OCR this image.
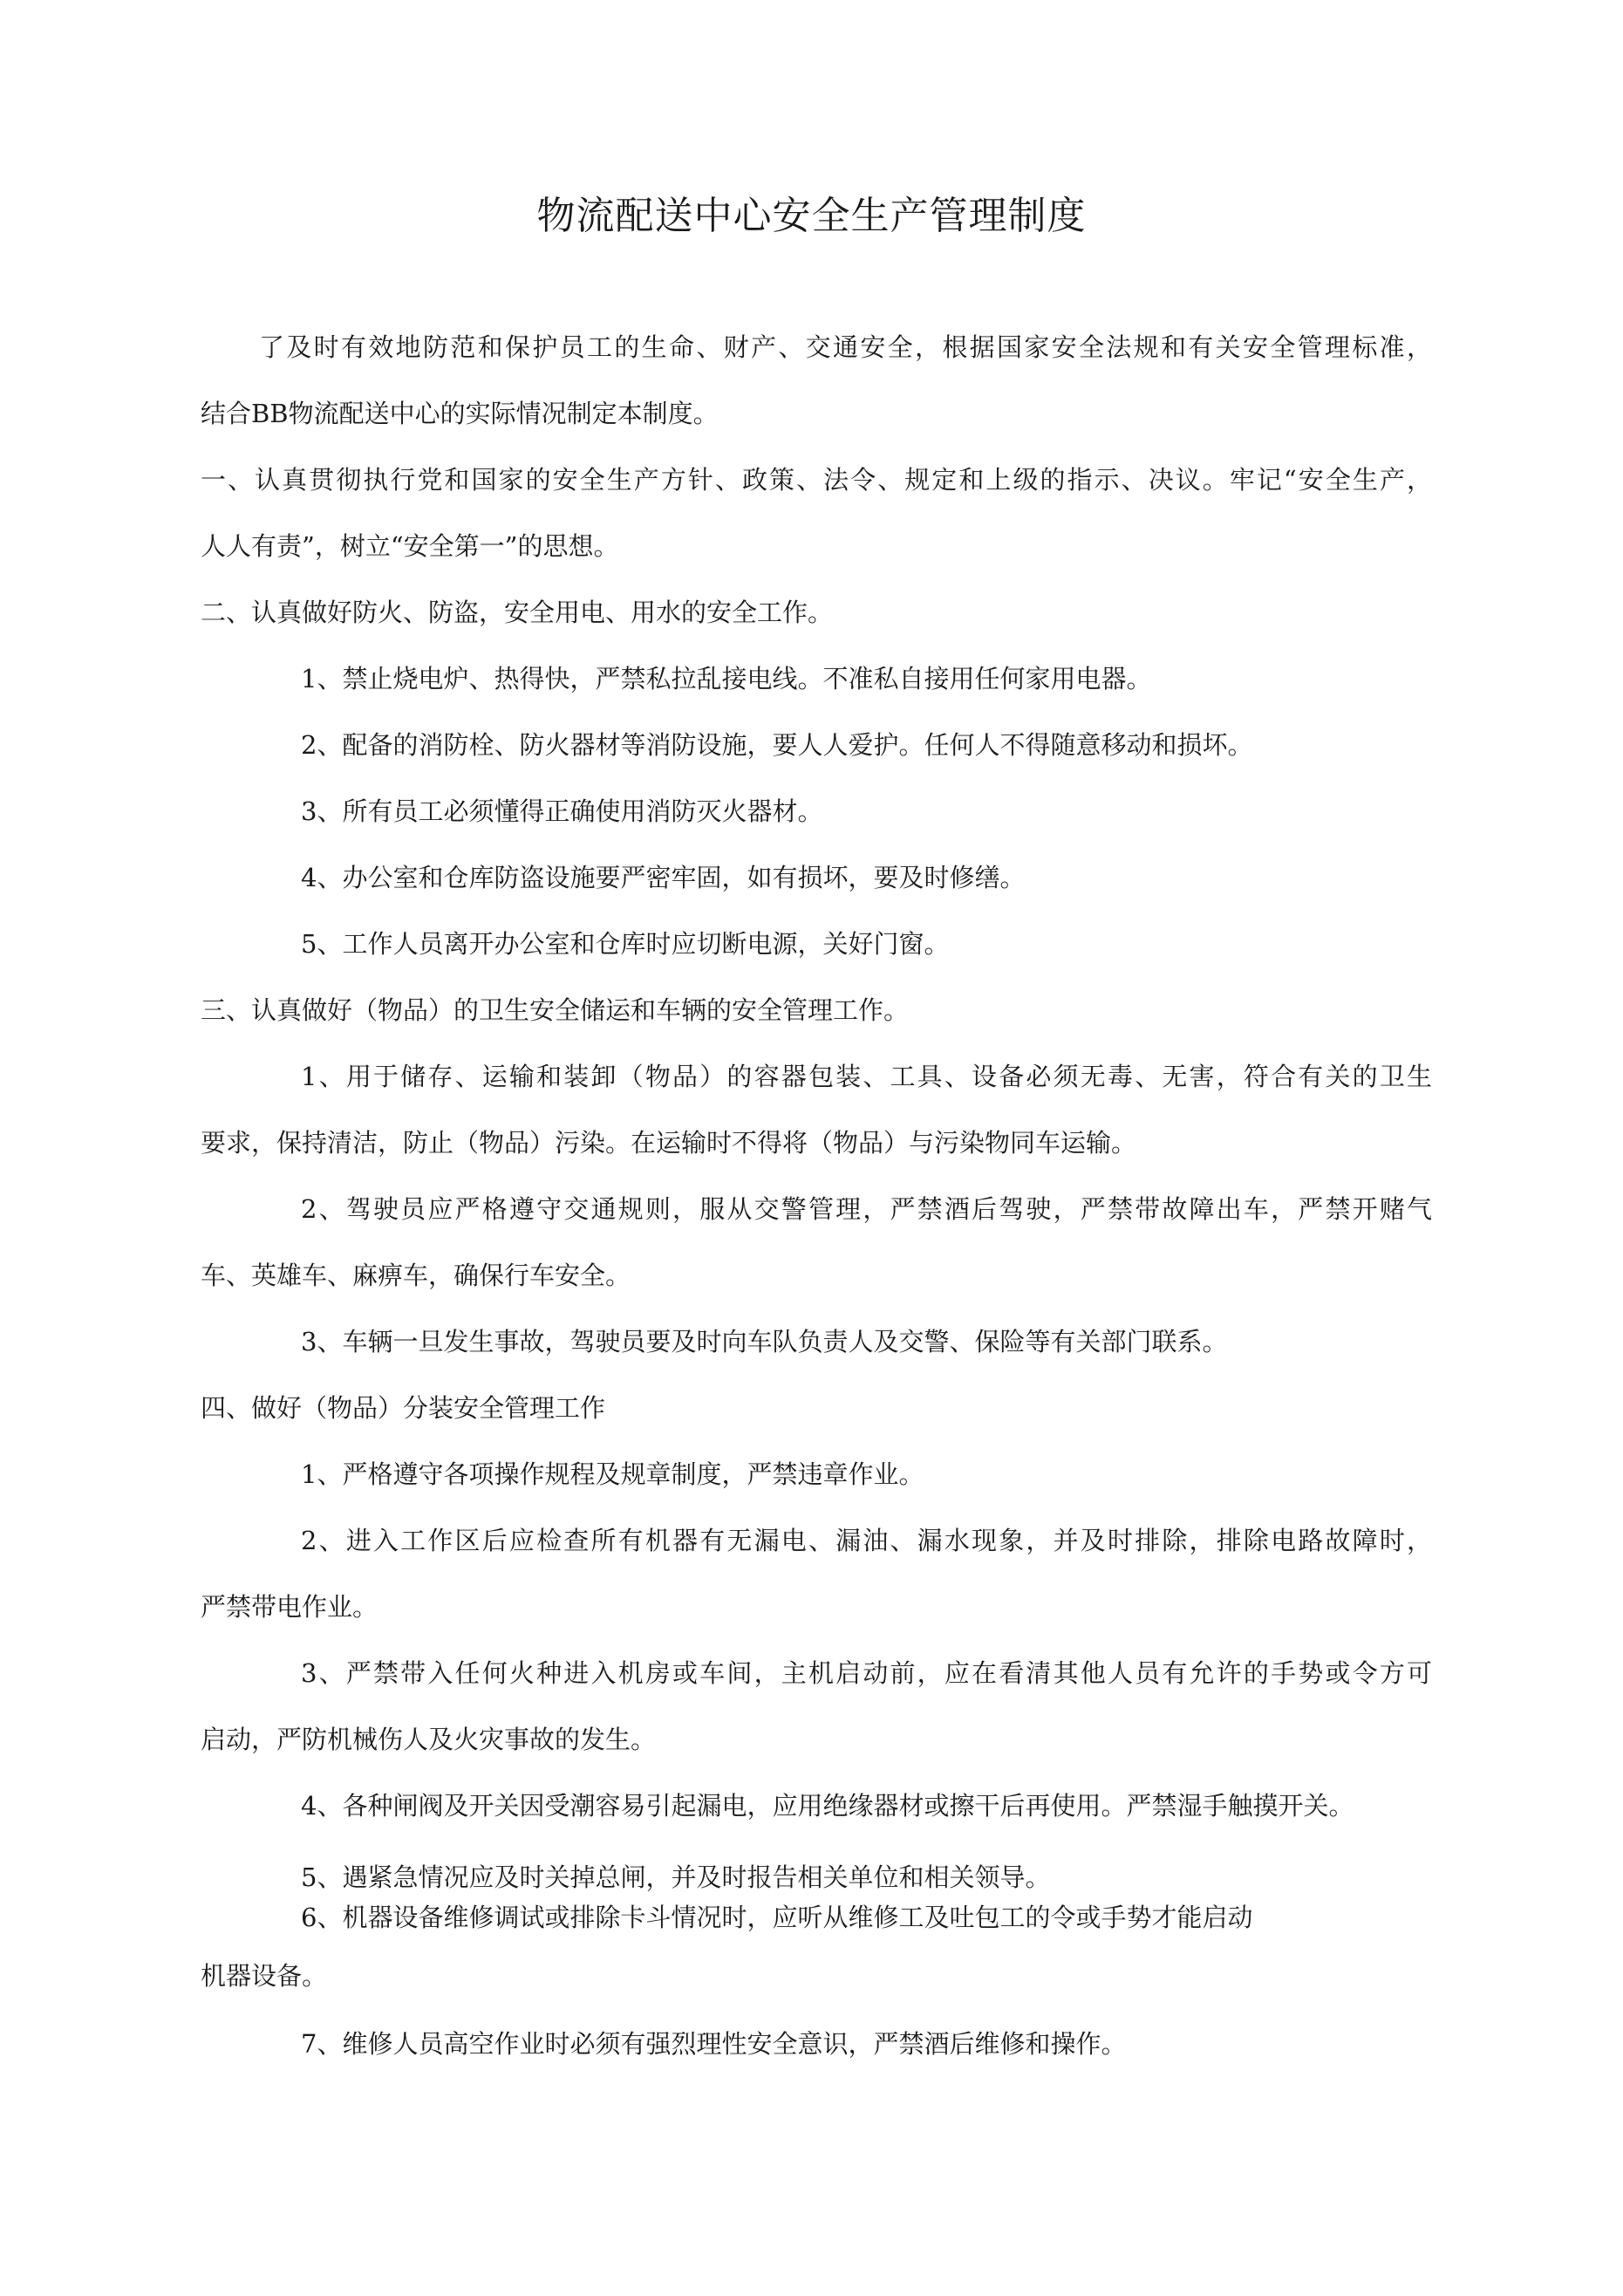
物流配送中心安全生产管理制度
了及时有效地防范和保护员工的生命、财产、交通安全，根据国家安全法规和有关安全管理标准，
结合BB物流配送中心的实际情况制定本制度。
一、认真贯彻执行党和国家的安全生产方针、政策、法令、规定和上级的指示、决议。牢记“安全生产，
人人有责”，树立“安全第一”的思想。
二、认真做好防火、防盗，安全用电、用水的安全工作。
1、禁止烧电炉、热得快，严禁私拉乱接电线。不准私自接用任何家用电器。
2、配备的消防栓、防火器材等消防设施，要人人爱护。任何人不得随意移动和损坏。
3、所有员工必须懂得正确使用消防灭火器材。
4、办公室和仓库防盗设施要严密牢固，如有损坏，要及时修缮。
5、工作人员离开办公室和仓库时应切断电源，关好门窗。
三、认真做好（物品）的卫生安全储运和车辆的安全管理工作。
1、用于储存、运输和装卸（物品）的容器包装、工具、设备必须无毒、无害，符合有关的卫生
要求，保持清洁，防止（物品）污染。在运输时不得将（物品）与污染物同车运输。
2、驾驶员应严格遵守交通规则，服从交警管理，严禁酒后驾驶，严禁带故障出车，严禁开赌气
车、英雄车、麻痹车，确保行车安全。
3、车辆一旦发生事故，驾驶员要及时向车队负责人及交警、保险等有关部门联系。
四、做好（物品）分装安全管理工作
1、严格遵守各项操作规程及规章制度，严禁违章作业。
2、进入工作区后应检查所有机器有无漏电、漏油、漏水现象，并及时排除，排除电路故障时，
严禁带电作业。
3、严禁带入任何火种进入机房或车间，主机启动前，应在看清其他人员有允许的手势或令方可
启动，严防机械伤人及火灾事故的发生。
4、各种闸阀及开关因受潮容易引起漏电，应用绝缘器材或擦干后再使用。严禁湿手触摸开关。
5、遇紧急情况应及时关掉总闸，并及时报告相关单位和相关领导。
6、机器设备维修调试或排除卡斗情况时，应听从维修工及吐包工的令或手势才能启动
机器设备。
7、维修人员高空作业时必须有强烈理性安全意识，严禁酒后维修和操作。
